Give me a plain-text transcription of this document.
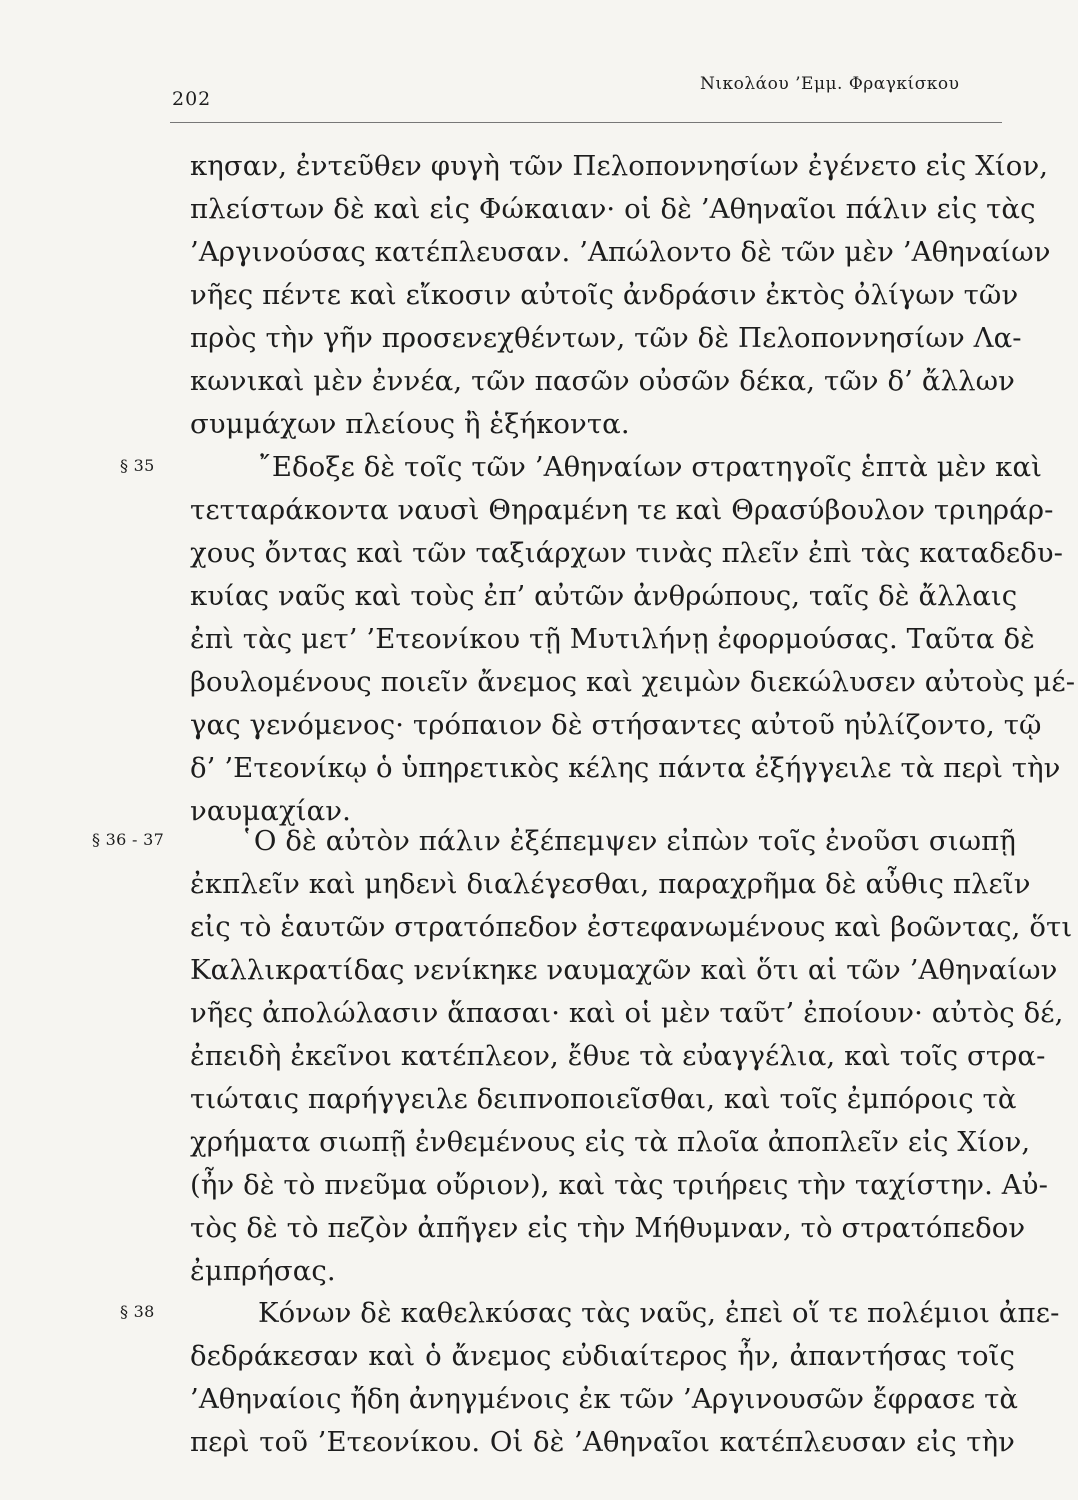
202
Νικολάου ’Εμμ. Φραγκίσκου
κησαν, ἐντεῦθεν φυγὴ τῶν Πελοποννησίων ἐγένετο εἰς Χίον,
πλείστων δὲ καὶ εἰς Φώκαιαν· οἱ δὲ ’Αθηναῖοι πάλιν εἰς τὰς
’Αργινούσας κατέπλευσαν. ’Απώλοντο δὲ τῶν μὲν ’Αθηναίων
νῆες πέντε καὶ εἴκοσιν αὐτοῖς ἀνδράσιν ἐκτὸς ὀλίγων τῶν
πρὸς τὴν γῆν προσενεχθέντων, τῶν δὲ Πελοποννησίων Λα-
κωνικαὶ μὲν ἐννέα, τῶν πασῶν οὐσῶν δέκα, τῶν δ’ ἄλλων
συμμάχων πλείους ἢ ἑξήκοντα.
§ 35	῎Εδοξε δὲ τοῖς τῶν ’Αθηναίων στρατηγοῖς ἑπτὰ μὲν καὶ
τετταράκοντα ναυσὶ Θηραμένη τε καὶ Θρασύβουλον τριηράρ-
χους ὄντας καὶ τῶν ταξιάρχων τινὰς πλεῖν ἐπὶ τὰς καταδεδυ-
κυίας ναῦς καὶ τοὺς ἐπ’ αὐτῶν ἀνθρώπους, ταῖς δὲ ἄλλαις
ἐπὶ τὰς μετ’ ’Ετεονίκου τῇ Μυτιλήνῃ ἐφορμούσας. Ταῦτα δὲ
βουλομένους ποιεῖν ἄνεμος καὶ χειμὼν διεκώλυσεν αὐτοὺς μέ-
γας γενόμενος· τρόπαιον δὲ στήσαντες αὐτοῦ ηὐλίζοντο, τῷ
δ’ ’Ετεονίκῳ ὁ ὑπηρετικὸς κέλης πάντα ἐξήγγειλε τὰ περὶ τὴν
ναυμαχίαν.
§ 36 - 37	῾Ο δὲ αὐτὸν πάλιν ἐξέπεμψεν εἰπὼν τοῖς ἐνοῦσι σιωπῇ
ἐκπλεῖν καὶ μηδενὶ διαλέγεσθαι, παραχρῆμα δὲ αὖθις πλεῖν
εἰς τὸ ἑαυτῶν στρατόπεδον ἐστεφανωμένους καὶ βοῶντας, ὅτι
Καλλικρατίδας νενίκηκε ναυμαχῶν καὶ ὅτι αἱ τῶν ’Αθηναίων
νῆες ἀπολώλασιν ἅπασαι· καὶ οἱ μὲν ταῦτ’ ἐποίουν· αὐτὸς δέ,
ἐπειδὴ ἐκεῖνοι κατέπλεον, ἔθυε τὰ εὐαγγέλια, καὶ τοῖς στρα-
τιώταις παρήγγειλε δειπνοποιεῖσθαι, καὶ τοῖς ἐμπόροις τὰ
χρήματα σιωπῇ ἐνθεμένους εἰς τὰ πλοῖα ἀποπλεῖν εἰς Χίον,
(ἦν δὲ τὸ πνεῦμα οὔριον), καὶ τὰς τριήρεις τὴν ταχίστην. Αὐ-
τὸς δὲ τὸ πεζὸν ἀπῆγεν εἰς τὴν Μήθυμναν, τὸ στρατόπεδον
ἐμπρήσας.
§ 38	Κόνων δὲ καθελκύσας τὰς ναῦς, ἐπεὶ οἵ τε πολέμιοι ἀπε-
δεδράκεσαν καὶ ὁ ἄνεμος εὐδιαίτερος ἦν, ἀπαντήσας τοῖς
’Αθηναίοις ἤδη ἀνηγμένοις ἐκ τῶν ’Αργινουσῶν ἔφρασε τὰ
περὶ τοῦ ’Ετεονίκου. Οἱ δὲ ’Αθηναῖοι κατέπλευσαν εἰς τὴν
